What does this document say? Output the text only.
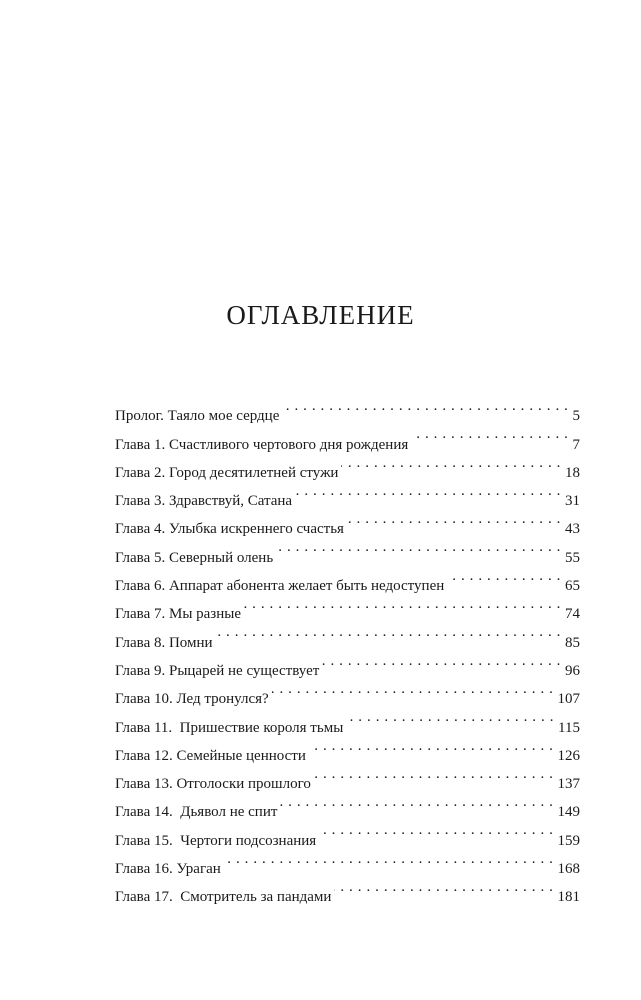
ОГЛАВЛЕНИЕ
Пролог. Таяло мое сердце . . .	5
Глава 1. Счастливого чертового дня рождения . . .	7
Глава 2. Город десятилетней стужи . . .	18
Глава 3. Здравствуй, Сатана . . .	31
Глава 4. Улыбка искреннего счастья . . .	43
Глава 5. Северный олень . . .	55
Глава 6. Аппарат абонента желает быть недоступен . . .	65
Глава 7. Мы разные . . .	74
Глава 8. Помни . . .	85
Глава 9. Рыцарей не существует . . .	96
Глава 10. Лед тронулся? . . .	107
Глава 11.  Пришествие короля тьмы . . .	115
Глава 12. Семейные ценности . . .	126
Глава 13. Отголоски прошлого . . .	137
Глава 14.  Дьявол не спит . . .	149
Глава 15.  Чертоги подсознания . . .	159
Глава 16. Ураган . . .	168
Глава 17.  Смотритель за пандами . . .	181
